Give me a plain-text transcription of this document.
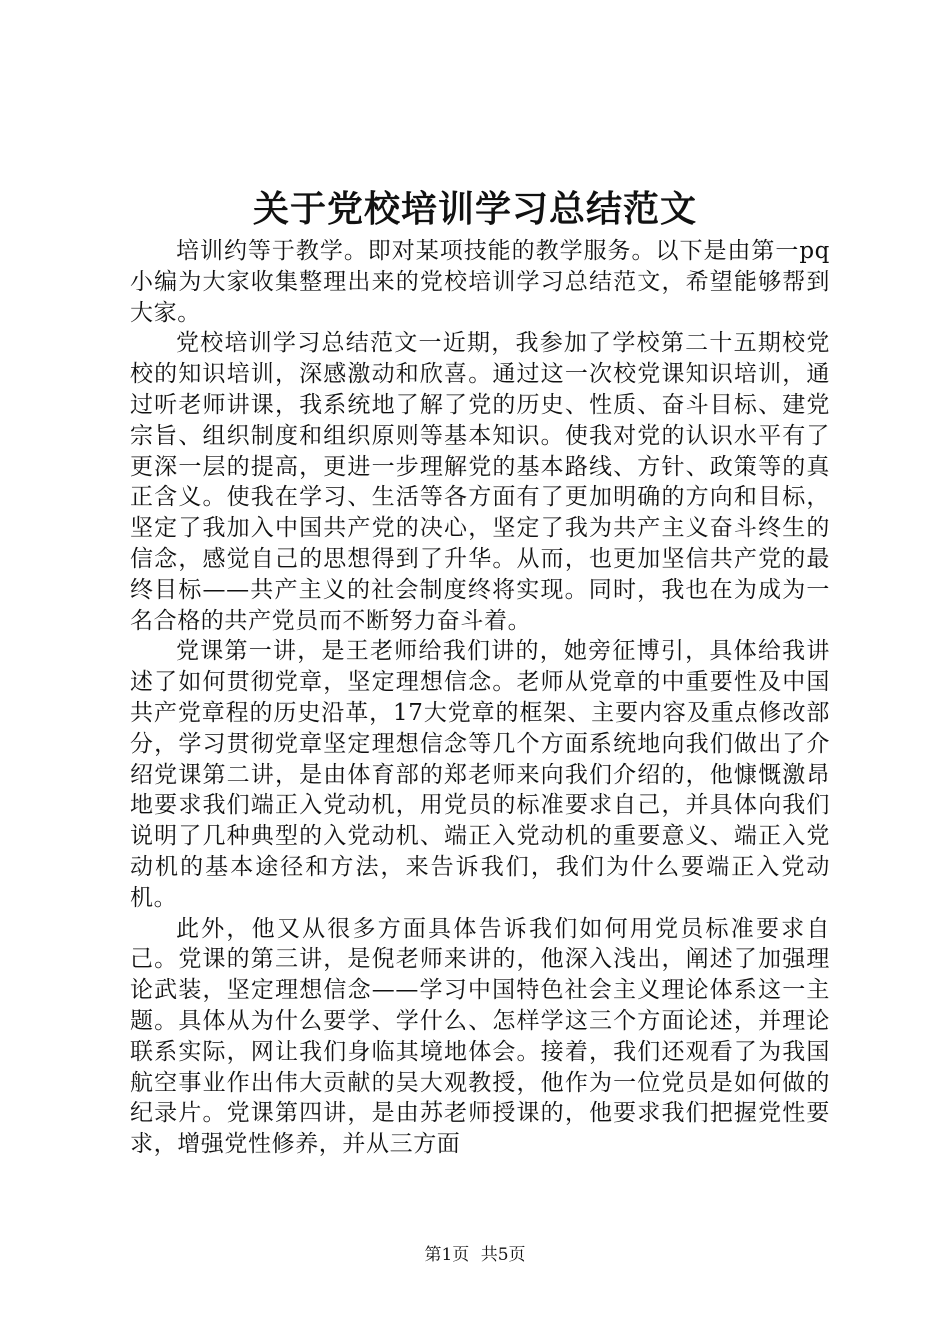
关于党校培训学习总结范文

培训约等于教学。即对某项技能的教学服务。以下是由第一pq小编为大家收集整理出来的党校培训学习总结范文，希望能够帮到大家。

党校培训学习总结范文一近期，我参加了学校第二十五期校党校的知识培训，深感激动和欣喜。通过这一次校党课知识培训，通过听老师讲课，我系统地了解了党的历史、性质、奋斗目标、建党宗旨、组织制度和组织原则等基本知识。使我对党的认识水平有了更深一层的提高，更进一步理解党的基本路线、方针、政策等的真正含义。使我在学习、生活等各方面有了更加明确的方向和目标，坚定了我加入中国共产党的决心，坚定了我为共产主义奋斗终生的信念，感觉自己的思想得到了升华。从而，也更加坚信共产党的最终目标——共产主义的社会制度终将实现。同时，我也在为成为一名合格的共产党员而不断努力奋斗着。

党课第一讲，是王老师给我们讲的，她旁征博引，具体给我讲述了如何贯彻党章，坚定理想信念。老师从党章的中重要性及中国共产党章程的历史沿革，17大党章的框架、主要内容及重点修改部分，学习贯彻党章坚定理想信念等几个方面系统地向我们做出了介绍党课第二讲，是由体育部的郑老师来向我们介绍的，他慷慨激昂地要求我们端正入党动机，用党员的标准要求自己，并具体向我们说明了几种典型的入党动机、端正入党动机的重要意义、端正入党动机的基本途径和方法，来告诉我们，我们为什么要端正入党动机。

此外，他又从很多方面具体告诉我们如何用党员标准要求自己。党课的第三讲，是倪老师来讲的，他深入浅出，阐述了加强理论武装，坚定理想信念——学习中国特色社会主义理论体系这一主题。具体从为什么要学、学什么、怎样学这三个方面论述，并理论联系实际，网让我们身临其境地体会。接着，我们还观看了为我国航空事业作出伟大贡献的吴大观教授，他作为一位党员是如何做的纪录片。党课第四讲，是由苏老师授课的，他要求我们把握党性要求，增强党性修养，并从三方面

第1页 共5页
